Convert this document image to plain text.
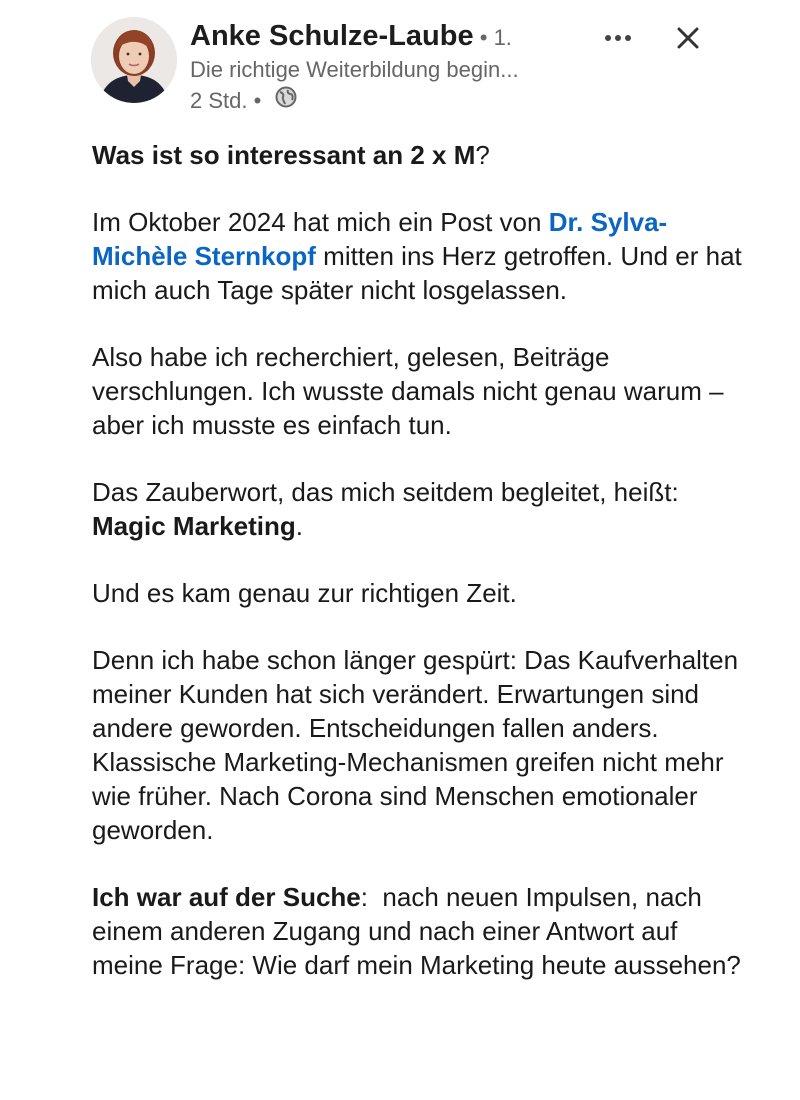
Anke Schulze-Laube • 1.
Die richtige Weiterbildung begin...
2 Std. •

Was ist so interessant an 2 x M?

Im Oktober 2024 hat mich ein Post von Dr. Sylva-Michèle Sternkopf mitten ins Herz getroffen. Und er hat mich auch Tage später nicht losgelassen.

Also habe ich recherchiert, gelesen, Beiträge verschlungen. Ich wusste damals nicht genau warum – aber ich musste es einfach tun.

Das Zauberwort, das mich seitdem begleitet, heißt: Magic Marketing.

Und es kam genau zur richtigen Zeit.

Denn ich habe schon länger gespürt: Das Kaufverhalten meiner Kunden hat sich verändert. Erwartungen sind andere geworden. Entscheidungen fallen anders. Klassische Marketing-Mechanismen greifen nicht mehr wie früher. Nach Corona sind Menschen emotionaler geworden.

Ich war auf der Suche:  nach neuen Impulsen, nach einem anderen Zugang und nach einer Antwort auf meine Frage: Wie darf mein Marketing heute aussehen?
